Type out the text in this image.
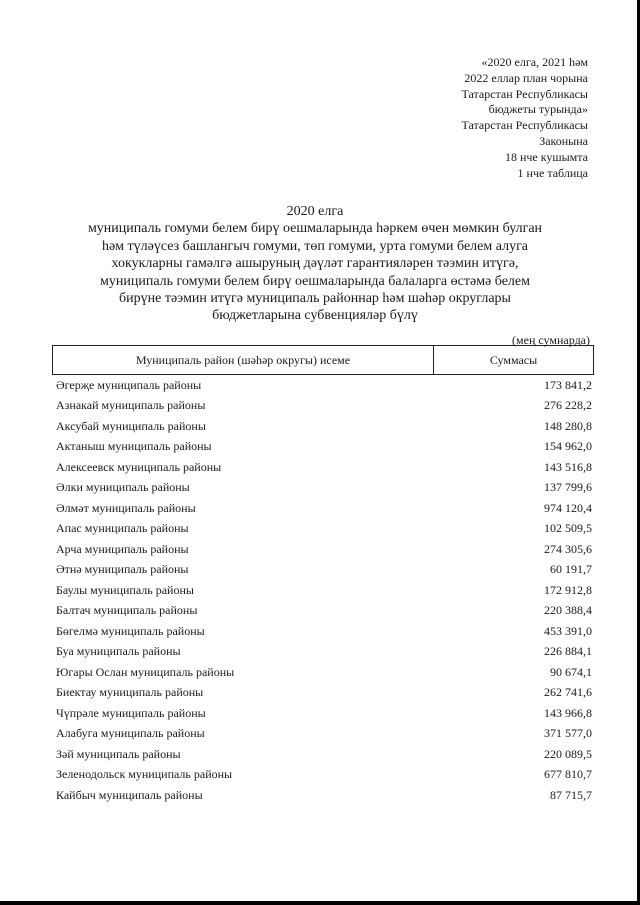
«2020 елга, 2021 һәм
2022 еллар план чорына
Татарстан Республикасы
бюджеты турында»
Татарстан Республикасы
Законына
18 нче кушымта
1 нче таблица
2020 елга
муниципаль гомуми белем бирү оешмаларында һәркем өчен мөмкин булган
һәм түләүсез башлангыч гомуми, төп гомуми, урта гомуми белем алуга
хокукларны гамәлгә ашыруның дәүләт гарантияләрен тәэмин итүгә,
муниципаль гомуми белем бирү оешмаларында балаларга өстәмә белем
бирүне тәэмин итүгә муниципаль районнар һәм шәһәр округлары
бюджетларына субвенцияләр бүлү
(мең сумнарда)
Муниципаль район (шәһәр округы) исеме	Суммасы
Әгерҗе муниципаль районы	173 841,2
Азнакай муниципаль районы	276 228,2
Аксубай муниципаль районы	148 280,8
Актаныш муниципаль районы	154 962,0
Алексеевск муниципаль районы	143 516,8
Әлки муниципаль районы	137 799,6
Әлмәт муниципаль районы	974 120,4
Апас муниципаль районы	102 509,5
Арча муниципаль районы	274 305,6
Әтнә муниципаль районы	60 191,7
Баулы муниципаль районы	172 912,8
Балтач муниципаль районы	220 388,4
Бөгелмә муниципаль районы	453 391,0
Буа муниципаль районы	226 884,1
Югары Ослан муниципаль районы	90 674,1
Биектау муниципаль районы	262 741,6
Чүпрәле муниципаль районы	143 966,8
Алабуга муниципаль районы	371 577,0
Зәй муниципаль районы	220 089,5
Зеленодольск муниципаль районы	677 810,7
Кайбыч муниципаль районы	87 715,7
